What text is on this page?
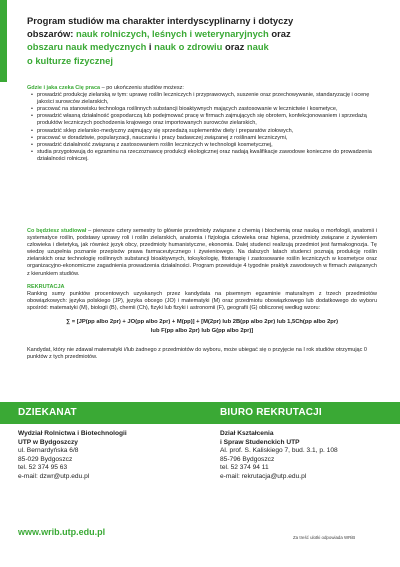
Program studiów ma charakter interdyscyplinarny i dotyczy
obszarów: nauk rolniczych, leśnych i weterynaryjnych oraz
obszaru nauk medycznych i nauk o zdrowiu oraz nauk
o kulturze fizycznej
Gdzie i jaka czeka Cię praca – po ukończeniu studiów możesz:
• prowadzić produkcję zielarską w tym: uprawę roślin leczniczych i przyprawowych, suszenie oraz przechowywanie, standaryzację i ocenę jakości surowców zielarskich,
• pracować na stanowisku technologa roślinnych substancji bioaktywnych mających zastosowanie w lecznictwie i kosmetyce,
• prowadzić własną działalność gospodarczą lub podejmować pracę w firmach zajmujących się obrotem, konfekcjonowaniem i sprzedażą produktów leczniczych pochodzenia krajowego oraz importowanych surowców zielarskich,
• prowadzić sklep zielarsko-medyczny zajmujący się sprzedażą suplementów diety i preparatów ziołowych,
• pracować w doradztwie, popularyzacji, nauczaniu i pracy badawczej związanej z roślinami leczniczymi,
• prowadzić działalność związaną z zastosowaniem roślin leczniczych w technologii kosmetycznej,
• studia przygotowują do egzaminu na rzeczoznawcę produkcji ekologicznej oraz nadają kwalifikacje zawodowe konieczne do prowadzenia działalności rolniczej.
Co będziesz studiował – pierwsze cztery semestry to głównie przedmioty związane z chemią i biochemią oraz nauką o morfologii, anatomii i systematyce roślin, podstawy uprawy roli i roślin zielarskich, anatomia i fizjologia człowieka oraz higiena, przedmioty związane z żywieniem człowieka i dietetyką, jak również język obcy, przedmioty humanistyczne, ekonomia. Dalej studenci realizują przedmiot jest farmakognozja. Tę wiedzę uzupełnia poznanie przepisów prawa farmaceutycznego i żywieniowego. Na dalszych latach studenci poznają produkcję roślin zielarskich oraz technologię roślinnych substancji bioaktywnych, toksykologię, fitoterapię i zastosowanie roślin leczniczych w kosmetyce oraz organizacyjno-ekonomiczne zagadnienia prowadzenia działalności. Program przewiduje 4 tygodnie praktyk zawodowych w firmach związanych z kierunkiem studiów.
REKRUTACJA
Ranking sumy punktów procentowych uzyskanych przez kandydata na pisemnym egzaminie maturalnym z trzech przedmiotów obowiązkowych: języka polskiego (JP), języka obcego (JO) i matematyki (M) oraz przedmiotu obowiązkowego lub dodatkowego do wyboru spośród: matematyki (M), biologii (B), chemii (Ch), fizyki lub fizyki i astronomii (F), geografii (G) obliczonej według wzoru:
∑ = [JP(pp albo 2pr) + JO(pp albo 2pr) + M(pp)] + [M(2pr) lub 2B(pp albo 2pr) lub 1,5Ch(pp albo 2pr)
lub F(pp albo 2pr) lub G(pp albo 2pr)]
Kandydat, który nie zdawał matematyki i/lub żadnego z przedmiotów do wyboru, może ubiegać się o przyjęcie na I rok studiów otrzymując 0 punktów z tych przedmiotów.
DZIEKANAT	BIURO REKRUTACJI
Wydział Rolnictwa i Biotechnologii
UTP w Bydgoszczy
ul. Bernardyńska 6/8
85-029 Bydgoszcz
tel. 52 374 95 63
e-mail: dzwr@utp.edu.pl
Dział Kształcenia
i Spraw Studenckich UTP
Al. prof. S. Kaliskiego 7, bud. 3.1, p. 108
85-796 Bydgoszcz
tel. 52 374 94 11
e-mail: rekrutacja@utp.edu.pl
www.wrib.utp.edu.pl
Za treść ulotki odpowiada WRiB
